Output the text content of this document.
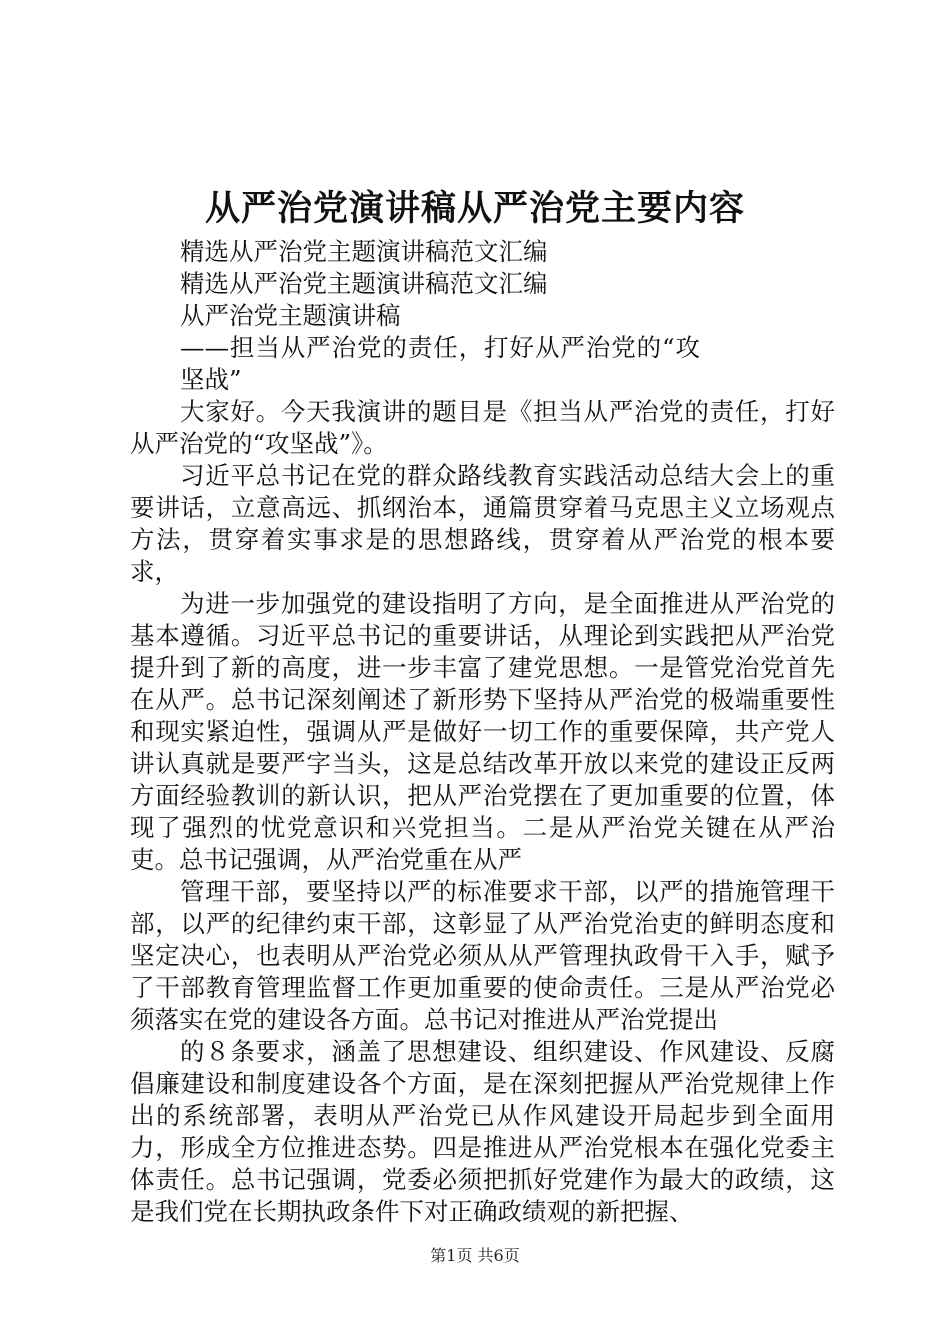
从严治党演讲稿从严治党主要内容

精选从严治党主题演讲稿范文汇编

精选从严治党主题演讲稿范文汇编

从严治党主题演讲稿

——担当从严治党的责任，打好从严治党的“攻坚战”

大家好。今天我演讲的题目是《担当从严治党的责任，打好从严治党的“攻坚战”》。

习近平总书记在党的群众路线教育实践活动总结大会上的重要讲话，立意高远、抓纲治本，通篇贯穿着马克思主义立场观点方法，贯穿着实事求是的思想路线，贯穿着从严治党的根本要求，

为进一步加强党的建设指明了方向，是全面推进从严治党的基本遵循。习近平总书记的重要讲话，从理论到实践把从严治党提升到了新的高度，进一步丰富了建党思想。一是管党治党首先在从严。总书记深刻阐述了新形势下坚持从严治党的极端重要性和现实紧迫性，强调从严是做好一切工作的重要保障，共产党人讲认真就是要严字当头，这是总结改革开放以来党的建设正反两方面经验教训的新认识，把从严治党摆在了更加重要的位置，体现了强烈的忧党意识和兴党担当。二是从严治党关键在从严治吏。总书记强调，从严治党重在从严

管理干部，要坚持以严的标准要求干部，以严的措施管理干部，以严的纪律约束干部，这彰显了从严治党治吏的鲜明态度和坚定决心，也表明从严治党必须从从严管理执政骨干入手，赋予了干部教育管理监督工作更加重要的使命责任。三是从严治党必须落实在党的建设各方面。总书记对推进从严治党提出

的８条要求，涵盖了思想建设、组织建设、作风建设、反腐倡廉建设和制度建设各个方面，是在深刻把握从严治党规律上作出的系统部署，表明从严治党已从作风建设开局起步到全面用力，形成全方位推进态势。四是推进从严治党根本在强化党委主体责任。总书记强调，党委必须把抓好党建作为最大的政绩，这是我们党在长期执政条件下对正确政绩观的新把握、

第1页 共6页
